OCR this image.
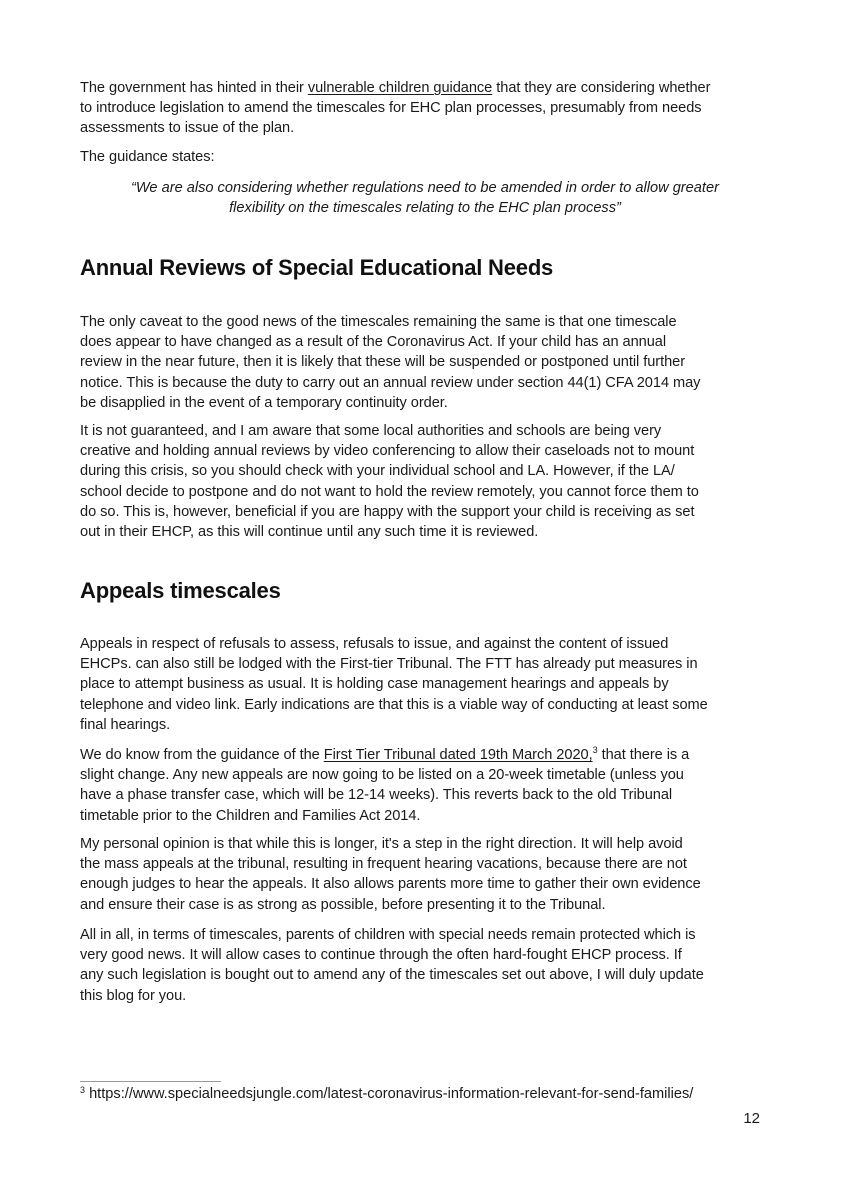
The government has hinted in their vulnerable children guidance that they are considering whether
to introduce legislation to amend the timescales for EHC plan processes, presumably from needs
assessments to issue of the plan.

The guidance states:

“We are also considering whether regulations need to be amended in order to allow greater
flexibility on the timescales relating to the EHC plan process”

Annual Reviews of Special Educational Needs

The only caveat to the good news of the timescales remaining the same is that one timescale
does appear to have changed as a result of the Coronavirus Act. If your child has an annual
review in the near future, then it is likely that these will be suspended or postponed until further
notice. This is because the duty to carry out an annual review under section 44(1) CFA 2014 may
be disapplied in the event of a temporary continuity order.

It is not guaranteed, and I am aware that some local authorities and schools are being very
creative and holding annual reviews by video conferencing to allow their caseloads not to mount
during this crisis, so you should check with your individual school and LA. However, if the LA/
school decide to postpone and do not want to hold the review remotely, you cannot force them to
do so. This is, however, beneficial if you are happy with the support your child is receiving as set
out in their EHCP, as this will continue until any such time it is reviewed.

Appeals timescales

Appeals in respect of refusals to assess, refusals to issue, and against the content of issued
EHCPs. can also still be lodged with the First-tier Tribunal. The FTT has already put measures in
place to attempt business as usual. It is holding case management hearings and appeals by
telephone and video link. Early indications are that this is a viable way of conducting at least some
final hearings.

We do know from the guidance of the First Tier Tribunal dated 19th March 2020,$^3$ that there is a
slight change. Any new appeals are now going to be listed on a 20-week timetable (unless you
have a phase transfer case, which will be 12-14 weeks). This reverts back to the old Tribunal
timetable prior to the Children and Families Act 2014.

My personal opinion is that while this is longer, it's a step in the right direction. It will help avoid
the mass appeals at the tribunal, resulting in frequent hearing vacations, because there are not
enough judges to hear the appeals. It also allows parents more time to gather their own evidence
and ensure their case is as strong as possible, before presenting it to the Tribunal.

All in all, in terms of timescales, parents of children with special needs remain protected which is
very good news. It will allow cases to continue through the often hard-fought EHCP process. If
any such legislation is bought out to amend any of the timescales set out above, I will duly update
this blog for you.

$^3$ https://www.specialneedsjungle.com/latest-coronavirus-information-relevant-for-send-families/
12
